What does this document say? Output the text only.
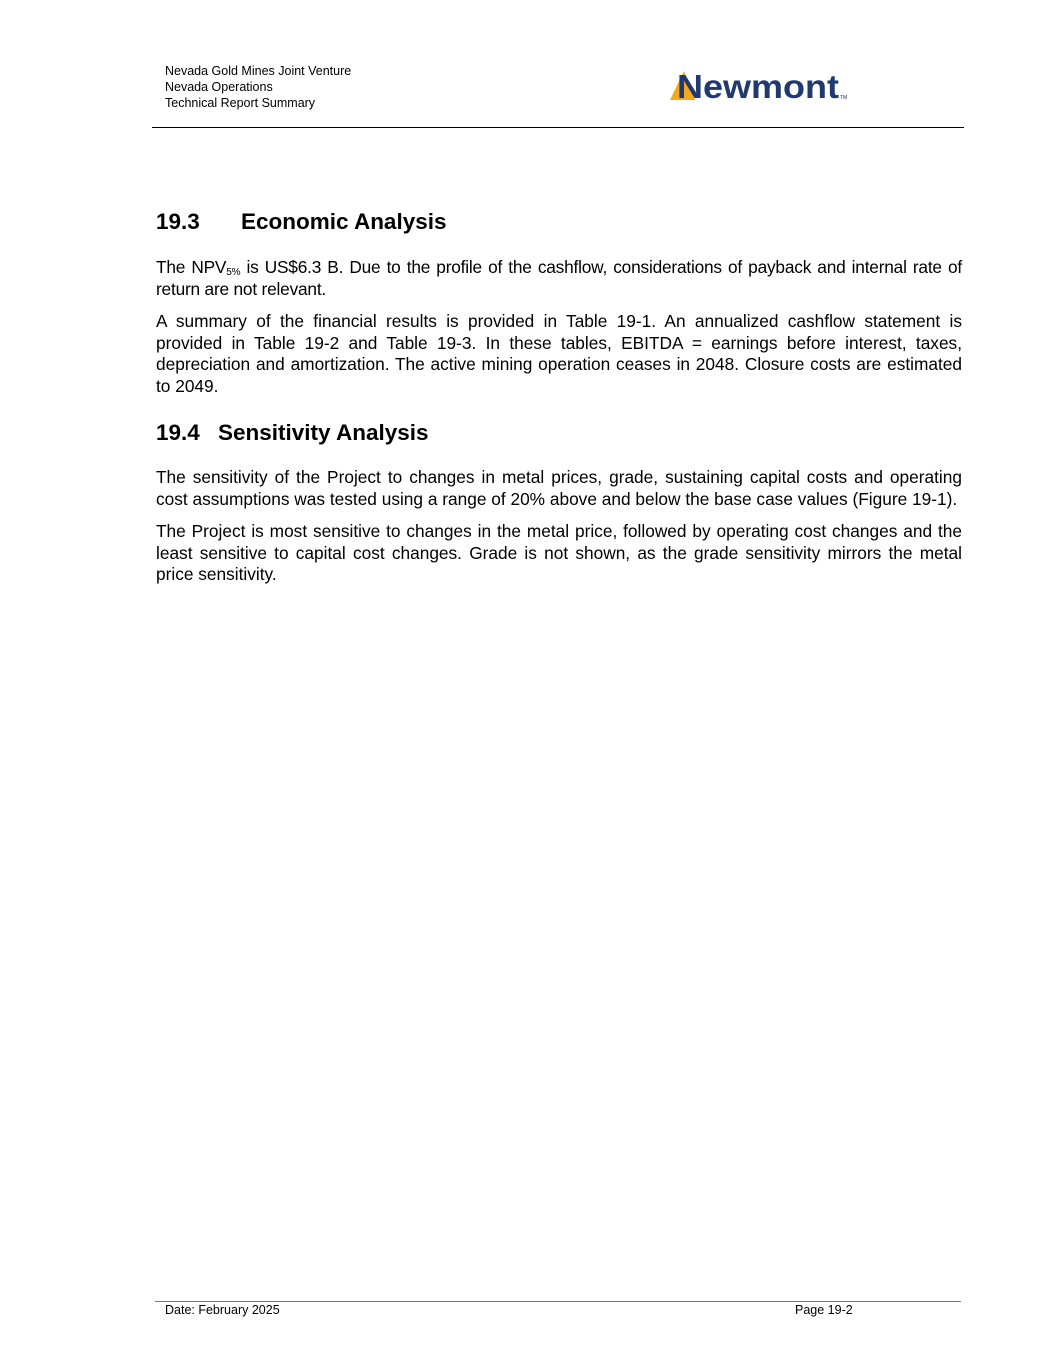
Nevada Gold Mines Joint Venture
Nevada Operations
Technical Report Summary	Newmont TM
19.3 Economic Analysis

The $NPV_{5\%}$ is US$6.3 B. Due to the profile of the cashflow, considerations of payback and internal rate of return are not relevant.

A summary of the financial results is provided in Table 19-1. An annualized cashflow statement is provided in Table 19-2 and Table 19-3. In these tables, EBITDA = earnings before interest, taxes, depreciation and amortization. The active mining operation ceases in 2048. Closure costs are estimated to 2049.

19.4 Sensitivity Analysis

The sensitivity of the Project to changes in metal prices, grade, sustaining capital costs and operating cost assumptions was tested using a range of 20% above and below the base case values (Figure 19-1).

The Project is most sensitive to changes in the metal price, followed by operating cost changes and the least sensitive to capital cost changes. Grade is not shown, as the grade sensitivity mirrors the metal price sensitivity.

Date: February 2025	Page 19-2
